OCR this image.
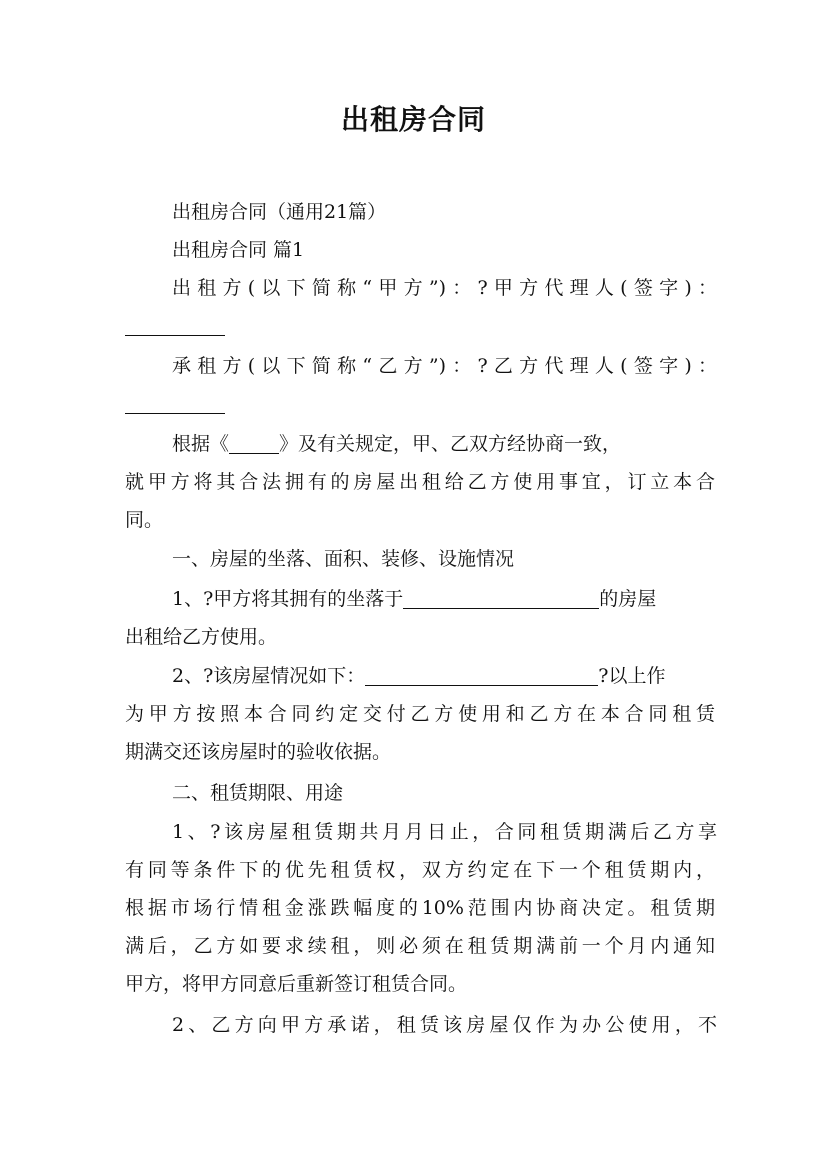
出租房合同
出租房合同（通用21篇）
出租房合同 篇1
出租方(以下简称“甲方”)：?甲方代理人(签字)：
承租方(以下简称“乙方”)：?乙方代理人(签字)：
根据《	》及有关规定，甲、乙双方经协商一致，
就甲方将其合法拥有的房屋出租给乙方使用事宜，订立本合
同。
一、房屋的坐落、面积、装修、设施情况
1、?甲方将其拥有的坐落于	的房屋
出租给乙方使用。
2、?该房屋情况如下：	?以上作
为甲方按照本合同约定交付乙方使用和乙方在本合同租赁
期满交还该房屋时的验收依据。
二、租赁期限、用途
1、?该房屋租赁期共月月日止，合同租赁期满后乙方享
有同等条件下的优先租赁权，双方约定在下一个租赁期内，
根据市场行情租金涨跌幅度的10%范围内协商决定。租赁期
满后，乙方如要求续租，则必须在租赁期满前一个月内通知
甲方，将甲方同意后重新签订租赁合同。
2、乙方向甲方承诺，租赁该房屋仅作为办公使用，不
